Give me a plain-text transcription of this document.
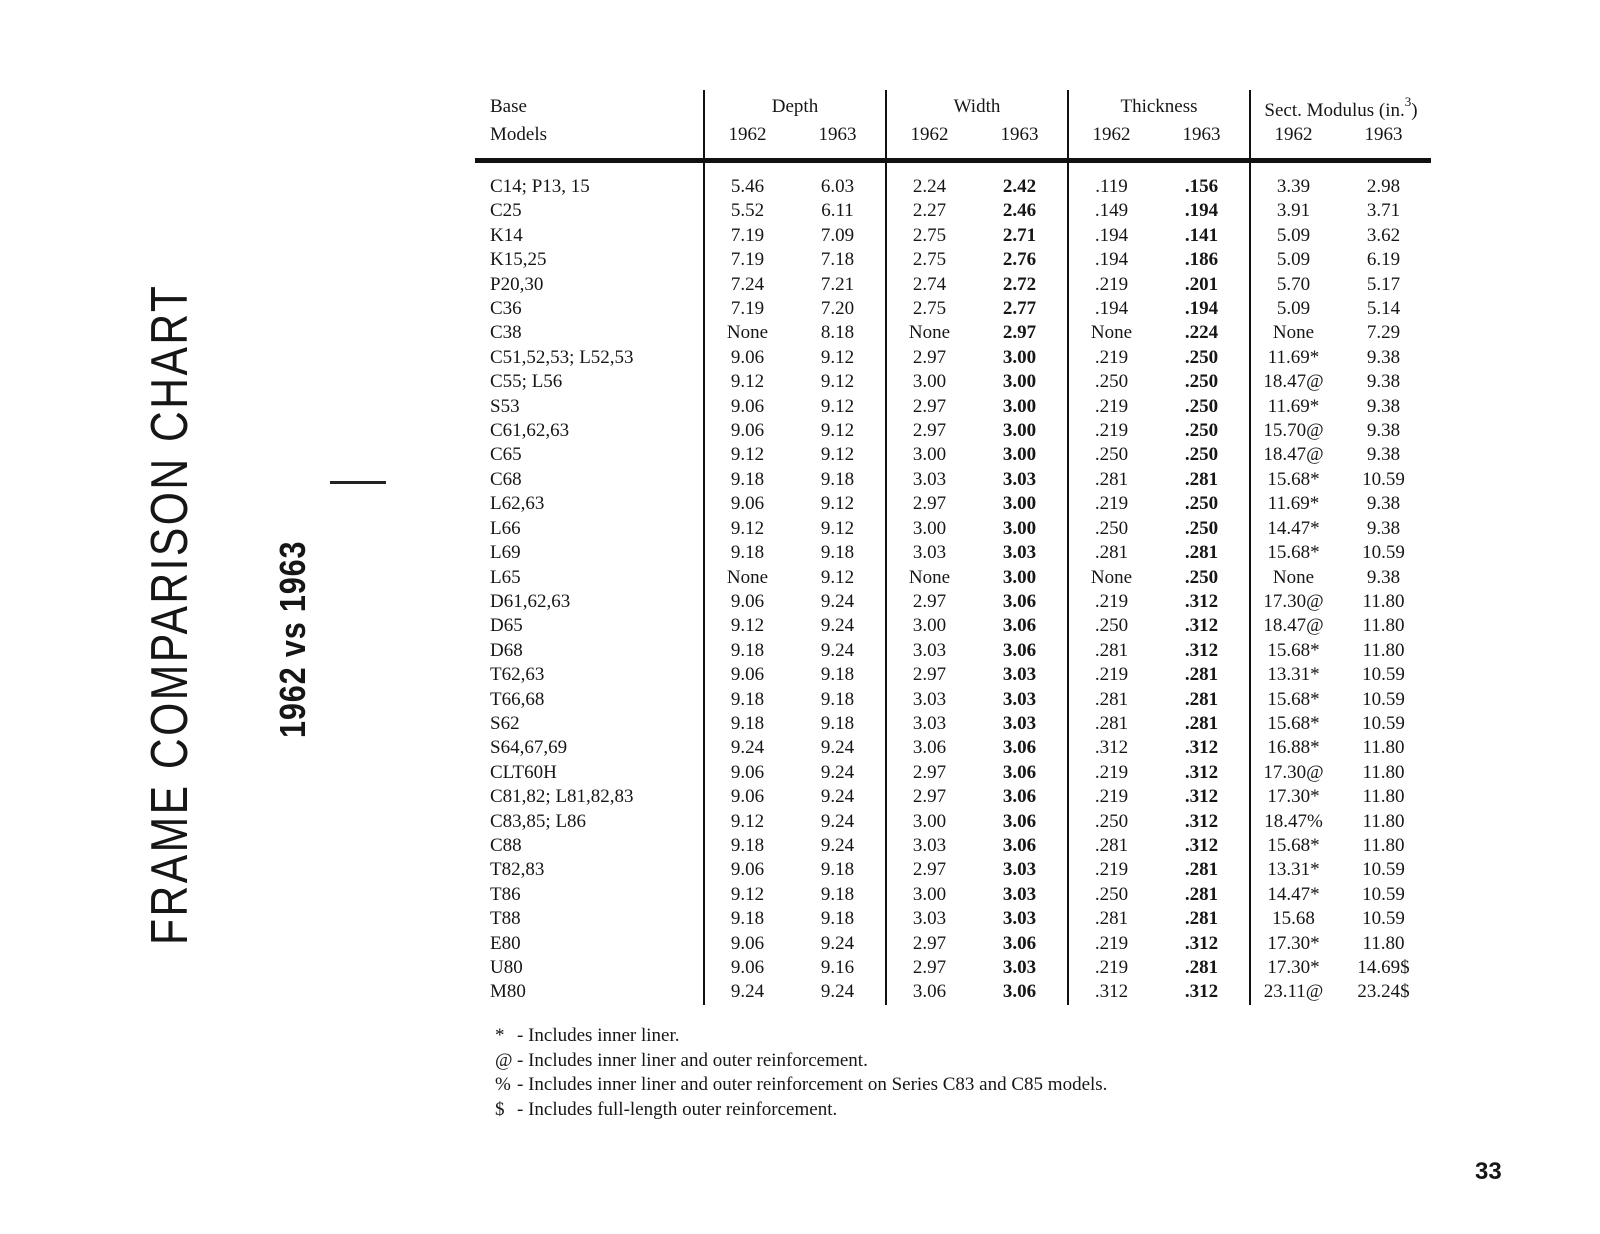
FRAME COMPARISON CHART 1962 vs 1963
Base	Depth		Width		Thickness		Sect. Modulus (in.$^3$)	
Models	1962	1963	1962	1963	1962	1963	1962	1963

C14; P13, 15	5.46	6.03	2.24	2.42	.119	.156	3.39	2.98
C25	5.52	6.11	2.27	2.46	.149	.194	3.91	3.71
K14	7.19	7.09	2.75	2.71	.194	.141	5.09	3.62
K15,25	7.19	7.18	2.75	2.76	.194	.186	5.09	6.19
P20,30	7.24	7.21	2.74	2.72	.219	.201	5.70	5.17
C36	7.19	7.20	2.75	2.77	.194	.194	5.09	5.14
C38	None	8.18	None	2.97	None	.224	None	7.29
C51,52,53; L52,53	9.06	9.12	2.97	3.00	.219	.250	11.69*	9.38
C55; L56	9.12	9.12	3.00	3.00	.250	.250	18.47@	9.38
S53	9.06	9.12	2.97	3.00	.219	.250	11.69*	9.38
C61,62,63	9.06	9.12	2.97	3.00	.219	.250	15.70@	9.38
C65	9.12	9.12	3.00	3.00	.250	.250	18.47@	9.38
C68	9.18	9.18	3.03	3.03	.281	.281	15.68*	10.59
L62,63	9.06	9.12	2.97	3.00	.219	.250	11.69*	9.38
L66	9.12	9.12	3.00	3.00	.250	.250	14.47*	9.38
L69	9.18	9.18	3.03	3.03	.281	.281	15.68*	10.59
L65	None	9.12	None	3.00	None	.250	None	9.38
D61,62,63	9.06	9.24	2.97	3.06	.219	.312	17.30@	11.80
D65	9.12	9.24	3.00	3.06	.250	.312	18.47@	11.80
D68	9.18	9.24	3.03	3.06	.281	.312	15.68*	11.80
T62,63	9.06	9.18	2.97	3.03	.219	.281	13.31*	10.59
T66,68	9.18	9.18	3.03	3.03	.281	.281	15.68*	10.59
S62	9.18	9.18	3.03	3.03	.281	.281	15.68*	10.59
S64,67,69	9.24	9.24	3.06	3.06	.312	.312	16.88*	11.80
CLT60H	9.06	9.24	2.97	3.06	.219	.312	17.30@	11.80
C81,82; L81,82,83	9.06	9.24	2.97	3.06	.219	.312	17.30*	11.80
C83,85; L86	9.12	9.24	3.00	3.06	.250	.312	18.47%	11.80
C88	9.18	9.24	3.03	3.06	.281	.312	15.68*	11.80
T82,83	9.06	9.18	2.97	3.03	.219	.281	13.31*	10.59
T86	9.12	9.18	3.00	3.03	.250	.281	14.47*	10.59
T88	9.18	9.18	3.03	3.03	.281	.281	15.68	10.59
E80	9.06	9.24	2.97	3.06	.219	.312	17.30*	11.80
U80	9.06	9.16	2.97	3.03	.219	.281	17.30*	14.69$
M80	9.24	9.24	3.06	3.06	.312	.312	23.11@	23.24$
* - Includes inner liner.
@ - Includes inner liner and outer reinforcement.
% - Includes inner liner and outer reinforcement on Series C83 and C85 models.
$ - Includes full-length outer reinforcement.
33
